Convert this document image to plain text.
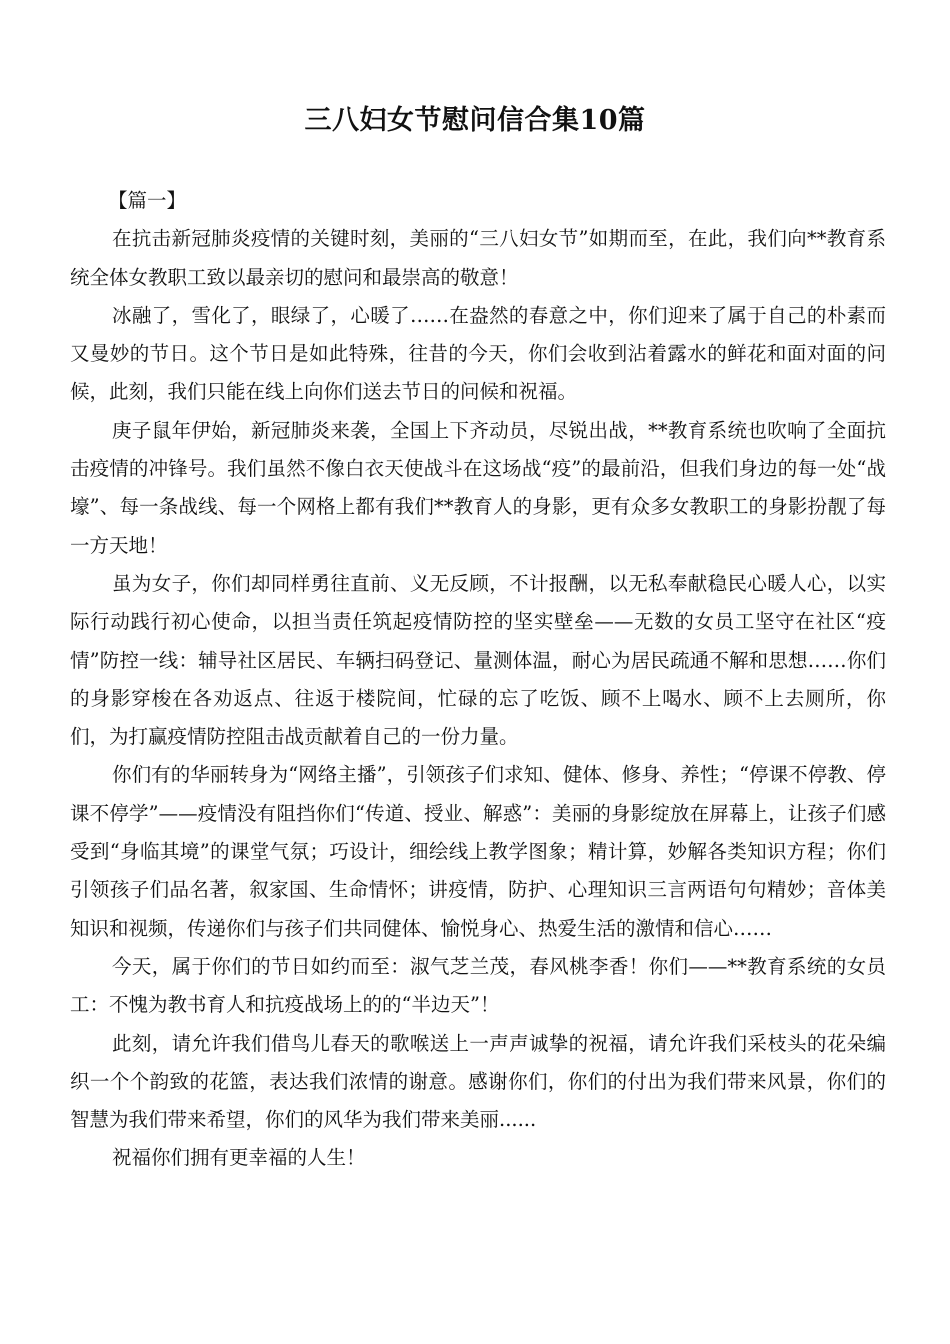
三八妇女节慰问信合集10篇

【篇一】

在抗击新冠肺炎疫情的关键时刻，美丽的“三八妇女节”如期而至，在此，我们向**教育系统全体女教职工致以最亲切的慰问和最崇高的敬意！

冰融了，雪化了，眼绿了，心暖了……在盎然的春意之中，你们迎来了属于自己的朴素而又曼妙的节日。这个节日是如此特殊，往昔的今天，你们会收到沾着露水的鲜花和面对面的问候，此刻，我们只能在线上向你们送去节日的问候和祝福。

庚子鼠年伊始，新冠肺炎来袭，全国上下齐动员，尽锐出战，**教育系统也吹响了全面抗击疫情的冲锋号。我们虽然不像白衣天使战斗在这场战“疫”的最前沿，但我们身边的每一处“战壕”、每一条战线、每一个网格上都有我们**教育人的身影，更有众多女教职工的身影扮靓了每一方天地！

虽为女子，你们却同样勇往直前、义无反顾，不计报酬，以无私奉献稳民心暖人心，以实际行动践行初心使命，以担当责任筑起疫情防控的坚实壁垒——无数的女员工坚守在社区“疫情”防控一线：辅导社区居民、车辆扫码登记、量测体温，耐心为居民疏通不解和思想……你们的身影穿梭在各劝返点、往返于楼院间，忙碌的忘了吃饭、顾不上喝水、顾不上去厕所，你们，为打赢疫情防控阻击战贡献着自己的一份力量。

你们有的华丽转身为“网络主播”，引领孩子们求知、健体、修身、养性；“停课不停教、停课不停学”——疫情没有阻挡你们“传道、授业、解惑”：美丽的身影绽放在屏幕上，让孩子们感受到“身临其境”的课堂气氛；巧设计，细绘线上教学图象；精计算，妙解各类知识方程；你们引领孩子们品名著，叙家国、生命情怀；讲疫情，防护、心理知识三言两语句句精妙；音体美知识和视频，传递你们与孩子们共同健体、愉悦身心、热爱生活的激情和信心……

今天，属于你们的节日如约而至：淑气芝兰茂，春风桃李香！你们——**教育系统的女员工：不愧为教书育人和抗疫战场上的的“半边天”！

此刻，请允许我们借鸟儿春天的歌喉送上一声声诚挚的祝福，请允许我们采枝头的花朵编织一个个韵致的花篮，表达我们浓情的谢意。感谢你们，你们的付出为我们带来风景，你们的智慧为我们带来希望，你们的风华为我们带来美丽......

祝福你们拥有更幸福的人生！
